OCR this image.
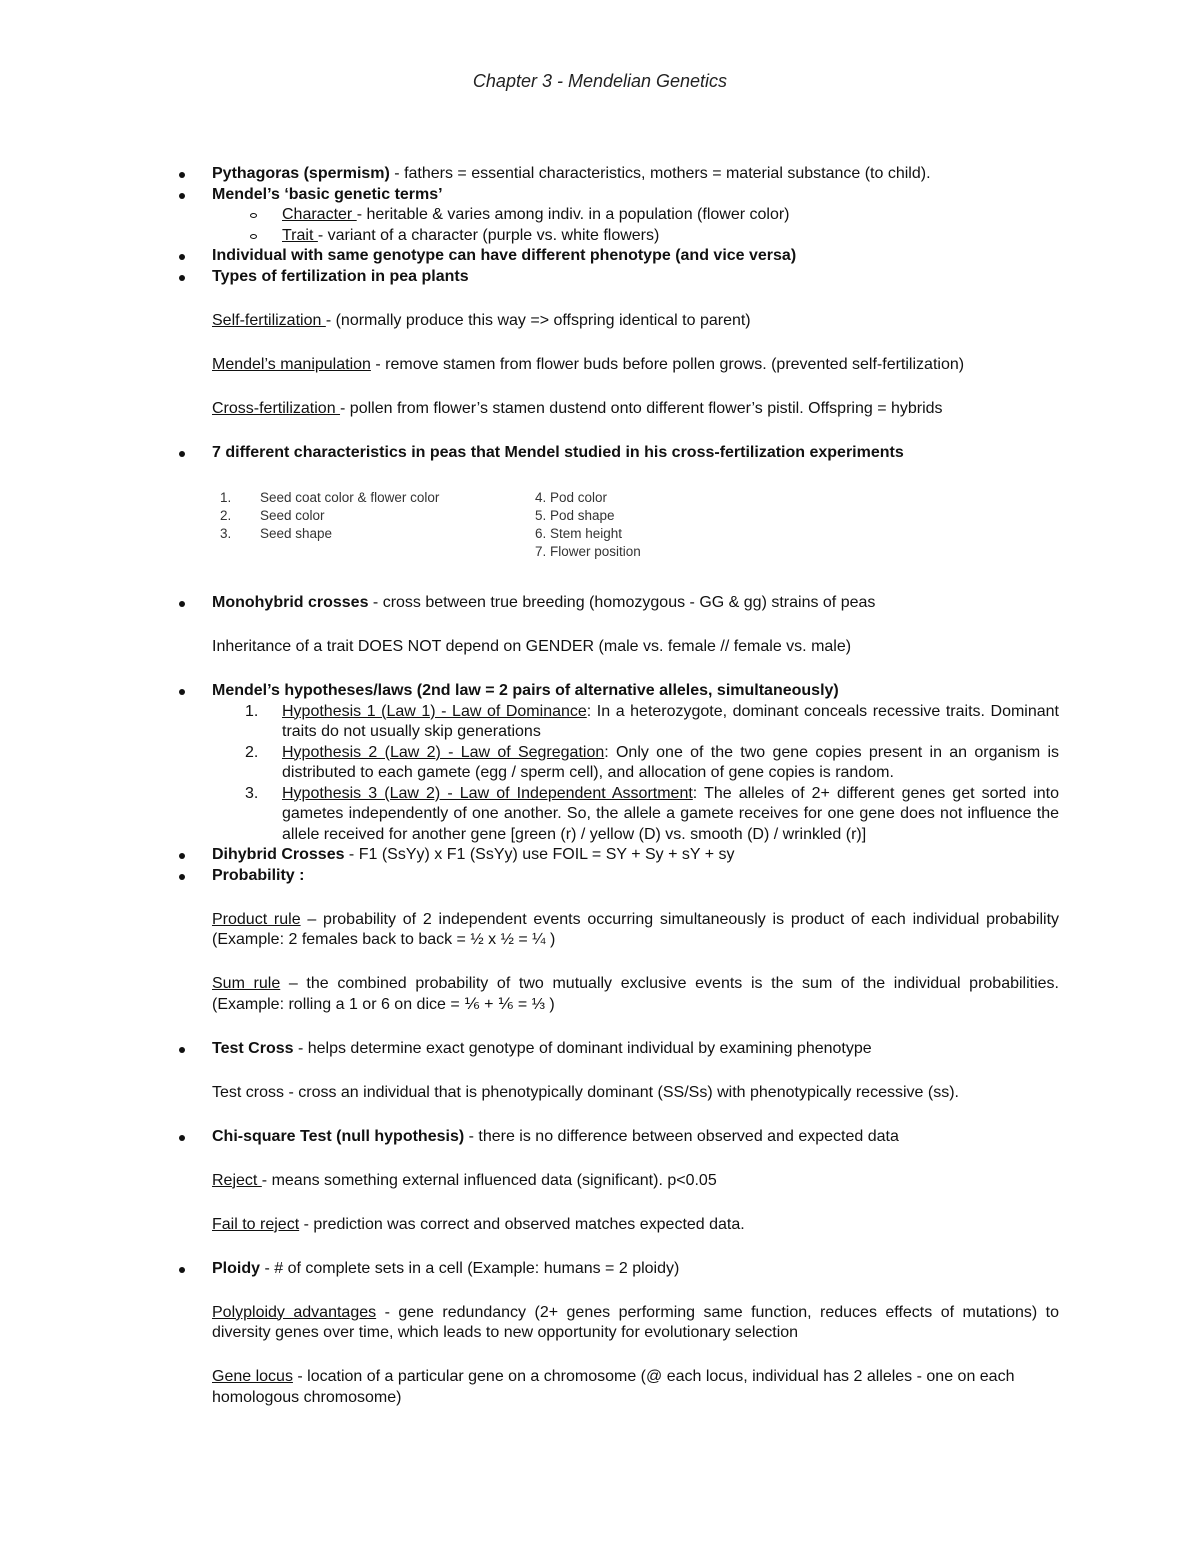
Chapter 3 - Mendelian Genetics

Pythagoras (spermism) - fathers = essential characteristics, mothers = material substance (to child).

Mendel’s ‘basic genetic terms’

Character - heritable & varies among indiv. in a population (flower color)

Trait - variant of a character (purple vs. white flowers)

Individual with same genotype can have different phenotype (and vice versa)

Types of fertilization in pea plants

Self-fertilization - (normally produce this way => offspring identical to parent)

Mendel’s manipulation - remove stamen from flower buds before pollen grows. (prevented self-fertilization)

Cross-fertilization - pollen from flower’s stamen dustend onto different flower’s pistil. Offspring = hybrids

7 different characteristics in peas that Mendel studied in his cross-fertilization experiments

1. Seed coat color & flower color
2. Seed color
3. Seed shape
4. Pod color
5. Pod shape
6. Stem height
7. Flower position

Monohybrid crosses - cross between true breeding (homozygous - GG & gg) strains of peas

Inheritance of a trait DOES NOT depend on GENDER (male vs. female // female vs. male)

Mendel’s hypotheses/laws (2nd law = 2 pairs of alternative alleles, simultaneously)

1. Hypothesis 1 (Law 1) - Law of Dominance: In a heterozygote, dominant conceals recessive traits. Dominant traits do not usually skip generations
2. Hypothesis 2 (Law 2) - Law of Segregation: Only one of the two gene copies present in an organism is distributed to each gamete (egg / sperm cell), and allocation of gene copies is random.
3. Hypothesis 3 (Law 2) - Law of Independent Assortment: The alleles of 2+ different genes get sorted into gametes independently of one another. So, the allele a gamete receives for one gene does not influence the allele received for another gene [green (r) / yellow (D) vs. smooth (D) / wrinkled (r)]

Dihybrid Crosses - F1 (SsYy) x F1 (SsYy) use FOIL = SY + Sy + sY + sy

Probability :

Product rule – probability of 2 independent events occurring simultaneously is product of each individual probability (Example: 2 females back to back = ½ x ½ = ¼ )

Sum rule – the combined probability of two mutually exclusive events is the sum of the individual probabilities. (Example: rolling a 1 or 6 on dice = ⅙ + ⅙ = ⅓ )

Test Cross - helps determine exact genotype of dominant individual by examining phenotype

Test cross - cross an individual that is phenotypically dominant (SS/Ss) with phenotypically recessive (ss).

Chi-square Test (null hypothesis) - there is no difference between observed and expected data

Reject - means something external influenced data (significant). p<0.05

Fail to reject - prediction was correct and observed matches expected data.

Ploidy - # of complete sets in a cell (Example: humans = 2 ploidy)

Polyploidy advantages - gene redundancy (2+ genes performing same function, reduces effects of mutations) to diversity genes over time, which leads to new opportunity for evolutionary selection

Gene locus - location of a particular gene on a chromosome (@ each locus, individual has 2 alleles - one on each homologous chromosome)
